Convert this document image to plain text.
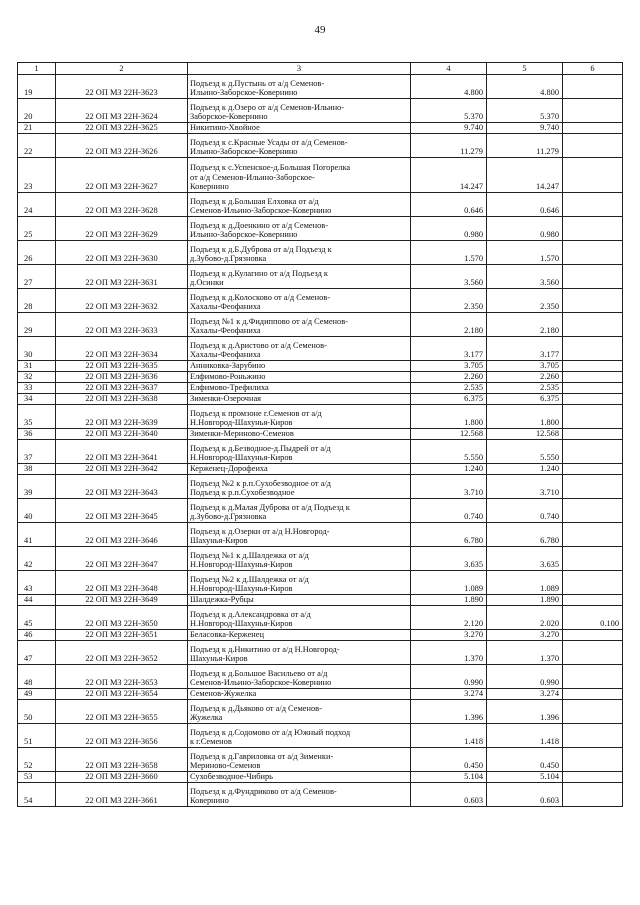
49
1	2	3	4	5	6
19	22 ОП МЗ 22Н-3623	Подъезд к д.Пустынь от а/д Семенов-
Ильино-Заборское-Ковернино	4.800	4.800	
20	22 ОП МЗ 22Н-3624	Подъезд к д.Озеро от а/д Семенов-Ильино-
Заборское-Ковернино	5.370	5.370	
21	22 ОП МЗ 22Н-3625	Никитино-Хвойное	9.740	9.740	
22	22 ОП МЗ 22Н-3626	Подъезд к с.Красные Усады от а/д Семенов-
Ильино-Заборское-Ковернино	11.279	11.279	
23	22 ОП МЗ 22Н-3627	Подъезд к с.Успенское-д.Большая Погорелка
от а/д Семенов-Ильино-Заборское-
Ковернино	14.247	14.247	
24	22 ОП МЗ 22Н-3628	Подъезд к д.Большая Елховка от а/д
Семенов-Ильино-Заборское-Ковернино	0.646	0.646	
25	22 ОП МЗ 22Н-3629	Подъезд к д.Доенкино от а/д Семенов-
Ильино-Заборское-Ковернино	0.980	0.980	
26	22 ОП МЗ 22Н-3630	Подъезд к д.Б.Дуброва от а/д Подъезд к
д.Зубово-д.Грязновка	1.570	1.570	
27	22 ОП МЗ 22Н-3631	Подъезд к д.Кулагино от а/д Подъезд к
д.Осинки	3.560	3.560	
28	22 ОП МЗ 22Н-3632	Подъезд к д.Колосково от а/д Семенов-
Хахалы-Феофаниха	2.350	2.350	
29	22 ОП МЗ 22Н-3633	Подъезд №1 к д.Фидиппово от а/д Семенов-
Хахалы-Феофаниха	2.180	2.180	
30	22 ОП МЗ 22Н-3634	Подъезд к д.Аристово от а/д Семенов-
Хахалы-Феофаниха	3.177	3.177	
31	22 ОП МЗ 22Н-3635	Анниковка-Зарубино	3.705	3.705	
32	22 ОП МЗ 22Н-3636	Елфимово-Роньжино	2.260	2.260	
33	22 ОП МЗ 22Н-3637	Елфимово-Трефилиха	2.535	2.535	
34	22 ОП МЗ 22Н-3638	Зименки-Озерочная	6.375	6.375	
35	22 ОП МЗ 22Н-3639	Подъезд к промзоне г.Семенов от а/д
Н.Новгород-Шахунья-Киров	1.800	1.800	
36	22 ОП МЗ 22Н-3640	Зименки-Мериново-Семенов	12.568	12.568	
37	22 ОП МЗ 22Н-3641	Подъезд к д.Безводное-д.Пыдрей от а/д
Н.Новгород-Шахунья-Киров	5.550	5.550	
38	22 ОП МЗ 22Н-3642	Керженец-Дорофеиха	1.240	1.240	
39	22 ОП МЗ 22Н-3643	Подъезд №2 к р.п.Сухобезводное от а/д
Подъезд к р.п.Сухобезводное	3.710	3.710	
40	22 ОП МЗ 22Н-3645	Подъезд к д.Малая Дуброва от а/д Подъезд к
д.Зубово-д.Грязновка	0.740	0.740	
41	22 ОП МЗ 22Н-3646	Подъезд к д.Озерки от а/д Н.Новгород-
Шахунья-Киров	6.780	6.780	
42	22 ОП МЗ 22Н-3647	Подъезд №1 к д.Шалдежка от а/д
Н.Новгород-Шахунья-Киров	3.635	3.635	
43	22 ОП МЗ 22Н-3648	Подъезд №2 к д.Шалдежка от а/д
Н.Новгород-Шахунья-Киров	1.089	1.089	
44	22 ОП МЗ 22Н-3649	Шалдежка-Рубцы	1.890	1.890	
45	22 ОП МЗ 22Н-3650	Подъезд к д.Александровка от а/д
Н.Новгород-Шахунья-Киров	2.120	2.020	0.100
46	22 ОП МЗ 22Н-3651	Беласовка-Керженец	3.270	3.270	
47	22 ОП МЗ 22Н-3652	Подъезд к д.Никитино от а/д Н.Новгород-
Шахунья-Киров	1.370	1.370	
48	22 ОП МЗ 22Н-3653	Подъезд к д.Большое Васильево от а/д
Семенов-Ильино-Заборское-Ковернино	0.990	0.990	
49	22 ОП МЗ 22Н-3654	Семенов-Жужелка	3.274	3.274	
50	22 ОП МЗ 22Н-3655	Подъезд к д.Дьяково от а/д Семенов-
Жужелка	1.396	1.396	
51	22 ОП МЗ 22Н-3656	Подъезд к д.Содомово от а/д Южный подход
к г.Семенов	1.418	1.418	
52	22 ОП МЗ 22Н-3658	Подъезд к д.Гавриловка от а/д Зименки-
Мериново-Семенов	0.450	0.450	
53	22 ОП МЗ 22Н-3660	Сухобезводное-Чибирь	5.104	5.104	
54	22 ОП МЗ 22Н-3661	Подъезд к д.Фундриково от а/д Семенов-
Ковернино	0.603	0.603	
